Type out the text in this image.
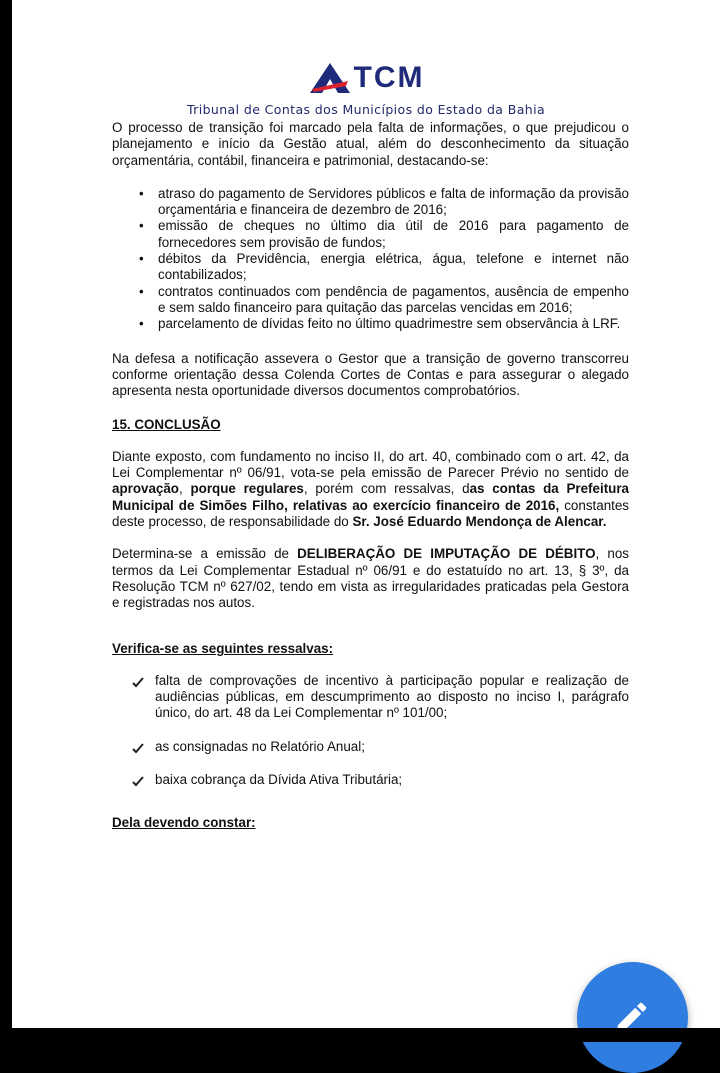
TCM
Tribunal de Contas dos Municípios do Estado da Bahia

O processo de transição foi marcado pela falta de informações, o que prejudicou o planejamento e início da Gestão atual, além do desconhecimento da situação orçamentária, contábil, financeira e patrimonial, destacando-se:

• atraso do pagamento de Servidores públicos e falta de informação da provisão orçamentária e financeira de dezembro de 2016;
• emissão de cheques no último dia útil de 2016 para pagamento de fornecedores sem provisão de fundos;
• débitos da Previdência, energia elétrica, água, telefone e internet não contabilizados;
• contratos continuados com pendência de pagamentos, ausência de empenho e sem saldo financeiro para quitação das parcelas vencidas em 2016;
• parcelamento de dívidas feito no último quadrimestre sem observância à LRF.

Na defesa a notificação assevera o Gestor que a transição de governo transcorreu conforme orientação dessa Colenda Cortes de Contas e para assegurar o alegado apresenta nesta oportunidade diversos documentos comprobatórios.

15. CONCLUSÃO

Diante exposto, com fundamento no inciso II, do art. 40, combinado com o art. 42, da Lei Complementar nº 06/91, vota-se pela emissão de Parecer Prévio no sentido de aprovação, porque regulares, porém com ressalvas, das contas da Prefeitura Municipal de Simões Filho, relativas ao exercício financeiro de 2016, constantes deste processo, de responsabilidade do Sr. José Eduardo Mendonça de Alencar.

Determina-se a emissão de DELIBERAÇÃO DE IMPUTAÇÃO DE DÉBITO, nos termos da Lei Complementar Estadual nº 06/91 e do estatuído no art. 13, § 3º, da Resolução TCM nº 627/02, tendo em vista as irregularidades praticadas pela Gestora e registradas nos autos.

Verifica-se as seguintes ressalvas:
falta de comprovações de incentivo à participação popular e realização de audiências públicas, em descumprimento ao disposto no inciso I, parágrafo único, do art. 48 da Lei Complementar nº 101/00;
as consignadas no Relatório Anual;
baixa cobrança da Dívida Ativa Tributária;
Dela devendo constar:
